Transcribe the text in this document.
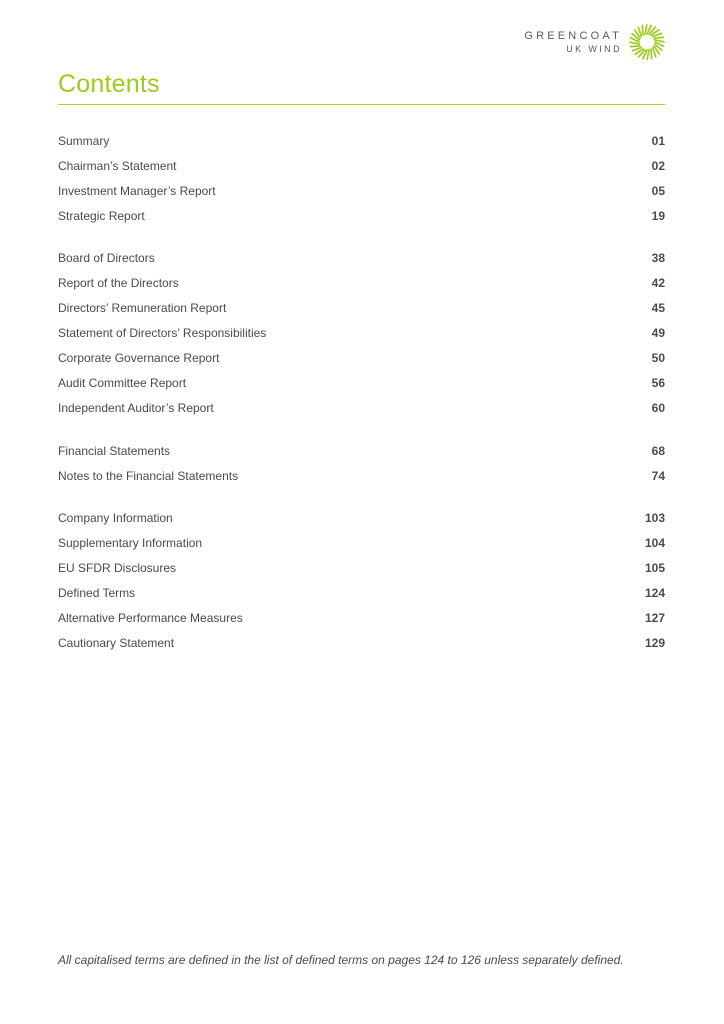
GREENCOAT
UK WIND
Contents
Summary	01
Chairman’s Statement	02
Investment Manager’s Report	05
Strategic Report	19
Board of Directors	38
Report of the Directors	42
Directors’ Remuneration Report	45
Statement of Directors’ Responsibilities	49
Corporate Governance Report	50
Audit Committee Report	56
Independent Auditor’s Report	60
Financial Statements	68
Notes to the Financial Statements	74
Company Information	103
Supplementary Information	104
EU SFDR Disclosures	105
Defined Terms	124
Alternative Performance Measures	127
Cautionary Statement	129

All capitalised terms are defined in the list of defined terms on pages 124 to 126 unless separately defined.
